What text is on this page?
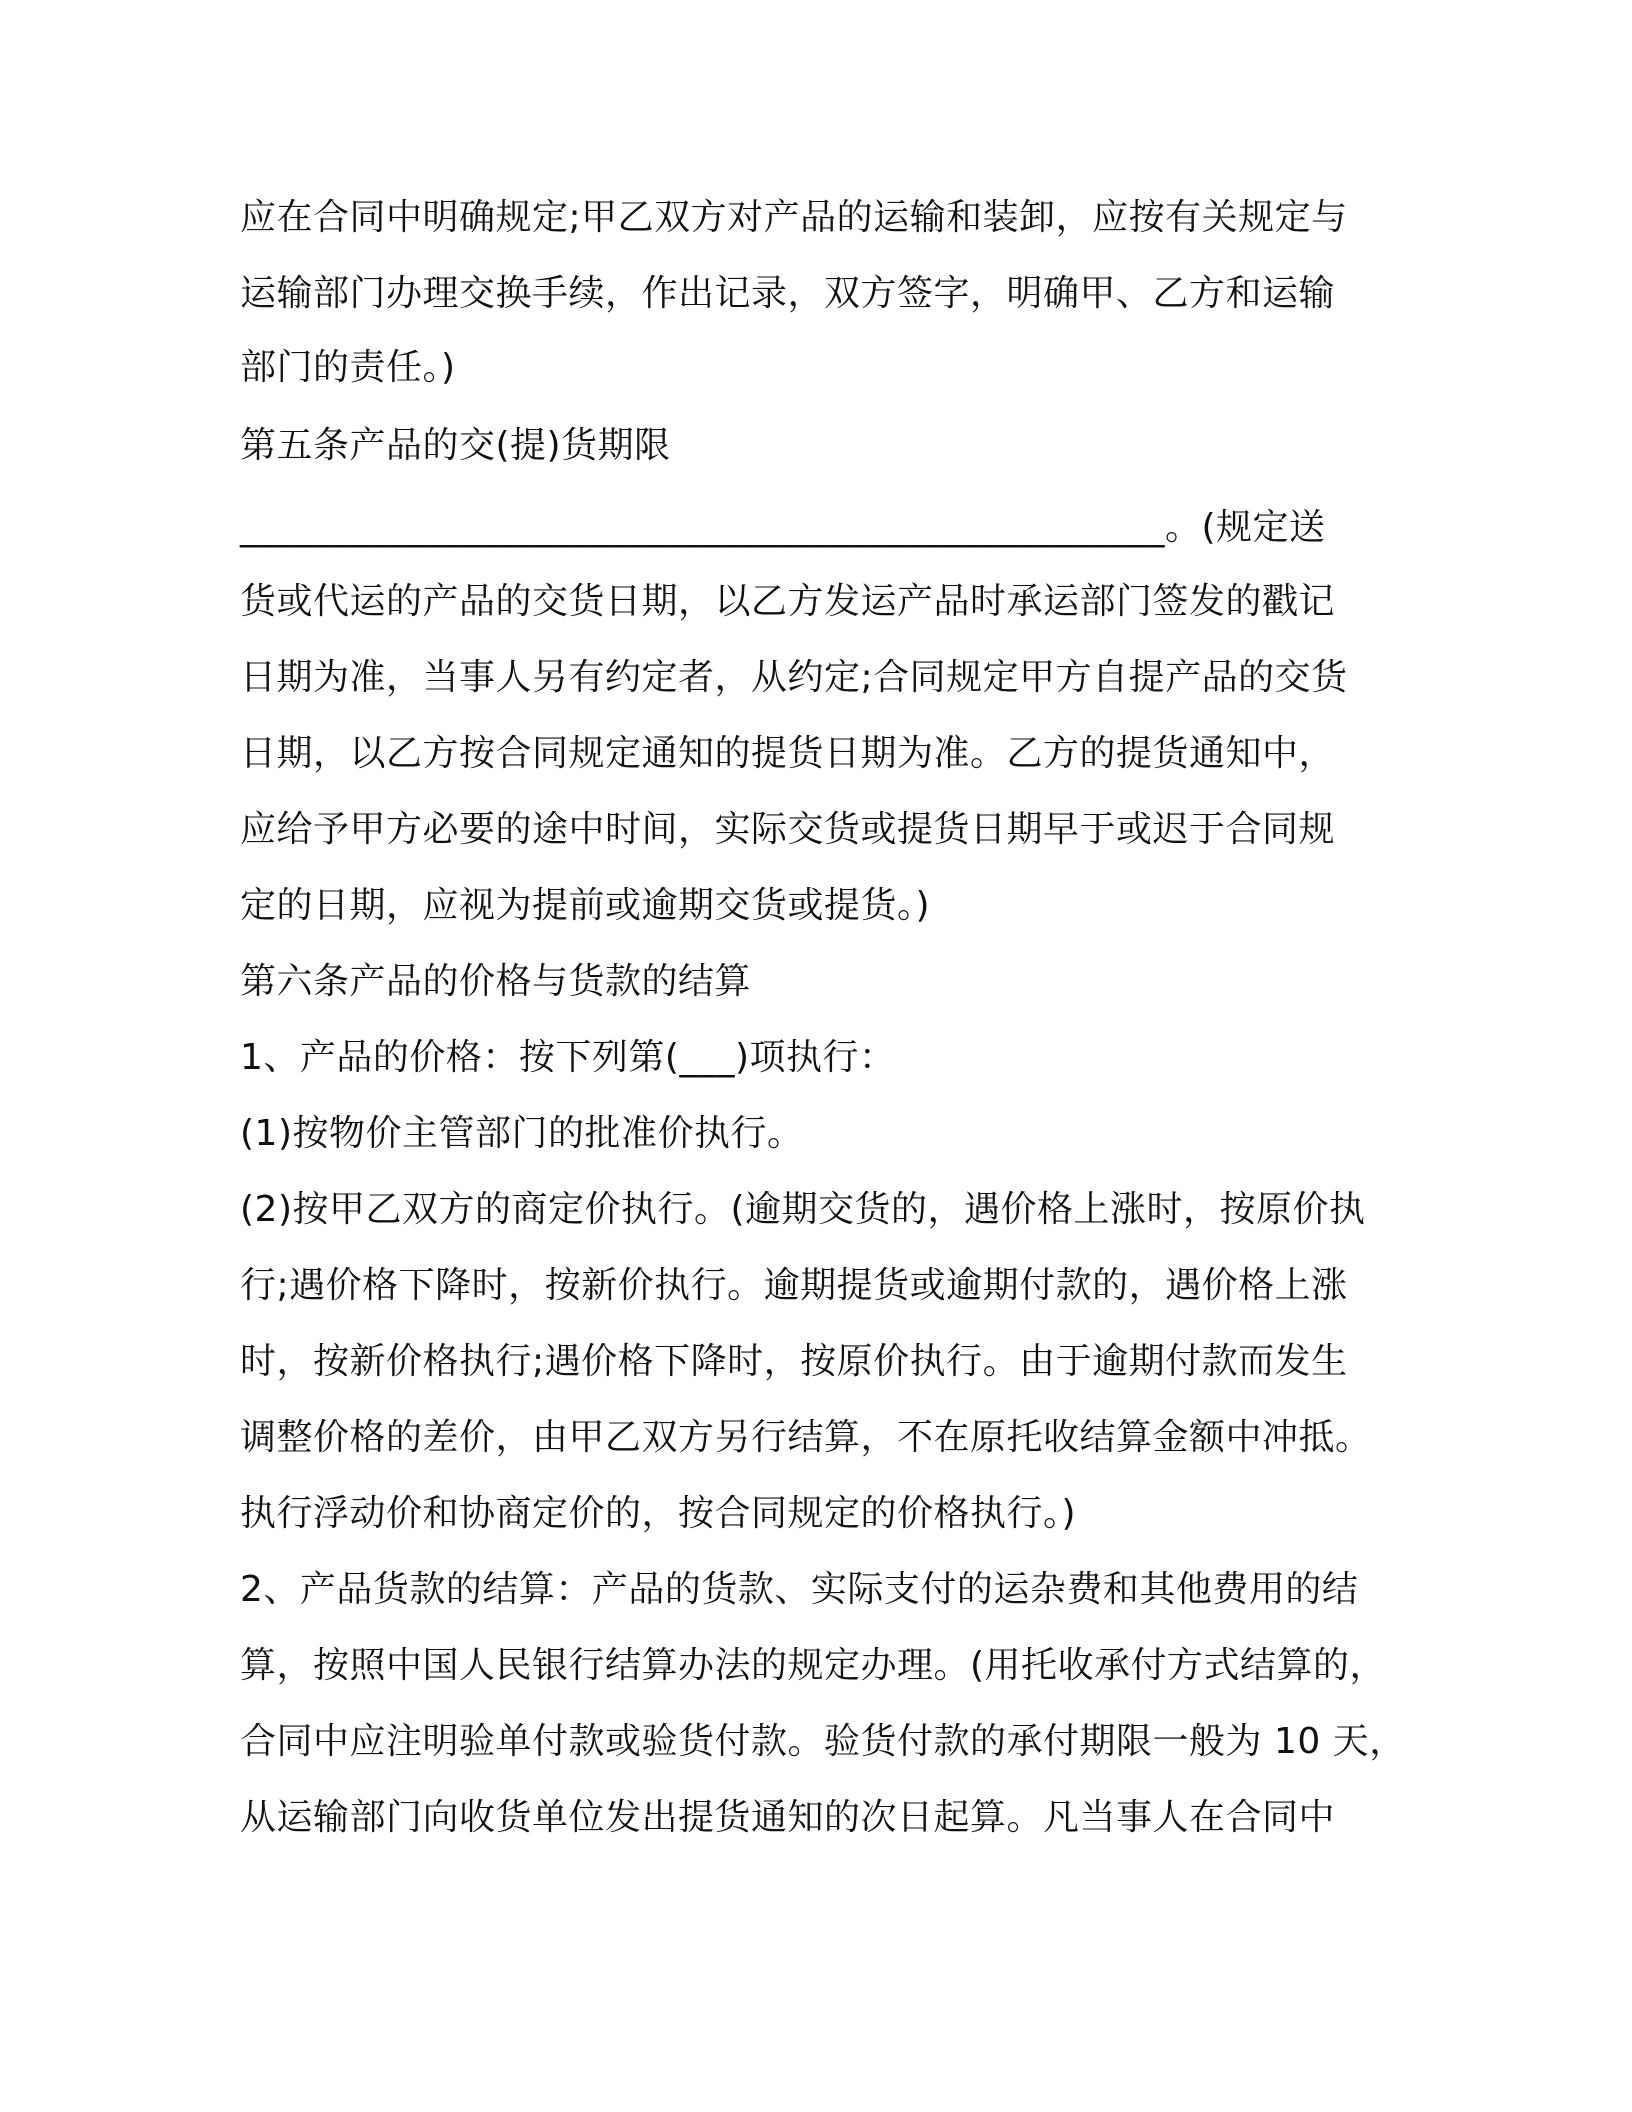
应在合同中明确规定;甲乙双方对产品的运输和装卸，应按有关规定与
运输部门办理交换手续，作出记录，双方签字，明确甲、乙方和运输
部门的责任。)
第五条产品的交(提)货期限
__________________________________________________。(规定送
货或代运的产品的交货日期，以乙方发运产品时承运部门签发的戳记
日期为准，当事人另有约定者，从约定;合同规定甲方自提产品的交货
日期，以乙方按合同规定通知的提货日期为准。乙方的提货通知中，
应给予甲方必要的途中时间，实际交货或提货日期早于或迟于合同规
定的日期，应视为提前或逾期交货或提货。)
第六条产品的价格与货款的结算
1、产品的价格：按下列第(___)项执行：
(1)按物价主管部门的批准价执行。
(2)按甲乙双方的商定价执行。(逾期交货的，遇价格上涨时，按原价执
行;遇价格下降时，按新价执行。逾期提货或逾期付款的，遇价格上涨
时，按新价格执行;遇价格下降时，按原价执行。由于逾期付款而发生
调整价格的差价，由甲乙双方另行结算，不在原托收结算金额中冲抵。
执行浮动价和协商定价的，按合同规定的价格执行。)
2、产品货款的结算：产品的货款、实际支付的运杂费和其他费用的结
算，按照中国人民银行结算办法的规定办理。(用托收承付方式结算的，
合同中应注明验单付款或验货付款。验货付款的承付期限一般为 10 天，
从运输部门向收货单位发出提货通知的次日起算。凡当事人在合同中
